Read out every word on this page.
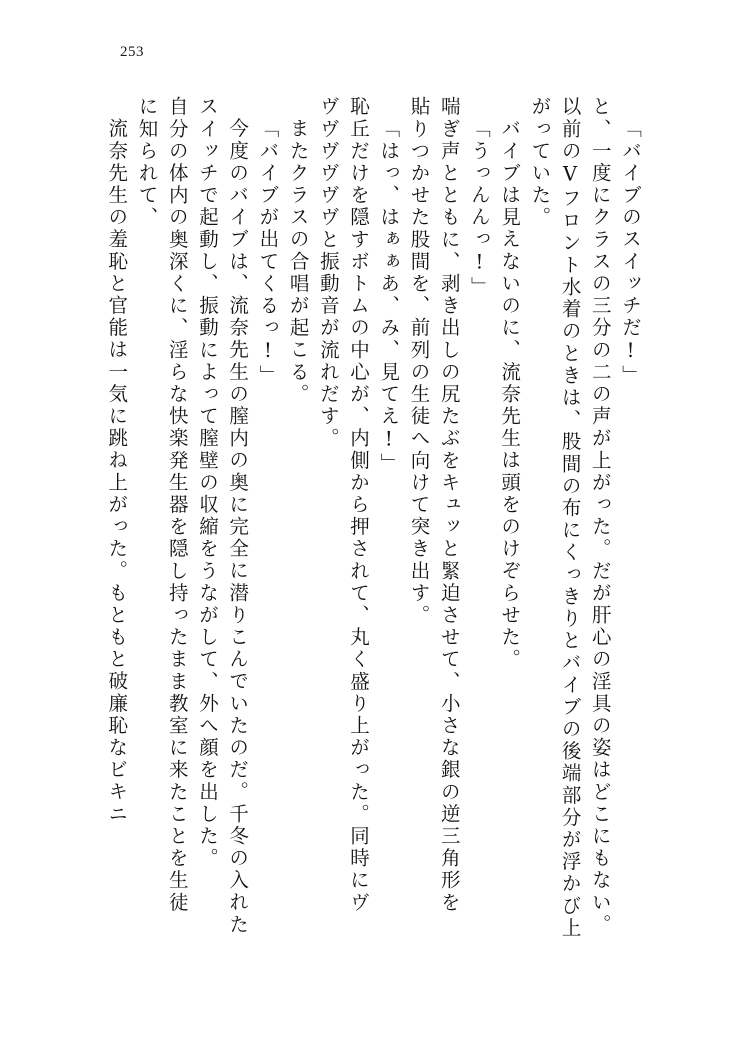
253
「バイブのスイッチだ!」
と、一度にクラスの三分の二の声が上がった。だが肝心の淫具の姿はどこにもない。
以前のVフロント水着のときは、股間の布にくっきりとバイブの後端部分が浮かび上
がっていた。
バイブは見えないのに、流奈先生は頭をのけぞらせた。
「うっんんっ!」
喘ぎ声とともに、剥き出しの尻たぶをキュッと緊迫させて、小さな銀の逆三角形を
貼りつかせた股間を、前列の生徒へ向けて突き出す。
「はっ、はぁぁあ、み、見てえ!」
恥丘だけを隠すボトムの中心が、内側から押されて、丸く盛り上がった。同時にヴ
ヴヴヴヴヴヴと振動音が流れだす。
またクラスの合唱が起こる。
「バイブが出てくるっ!」
今度のバイブは、流奈先生の膣内の奥に完全に潜りこんでいたのだ。千冬の入れた
スイッチで起動し、振動によって膣壁の収縮をうながして、外へ顔を出した。
自分の体内の奥深くに、淫らな快楽発生器を隠し持ったまま教室に来たことを生徒
に知られて、
流奈先生の羞恥と官能は一気に跳ね上がった。もともと破廉恥なビキニ
